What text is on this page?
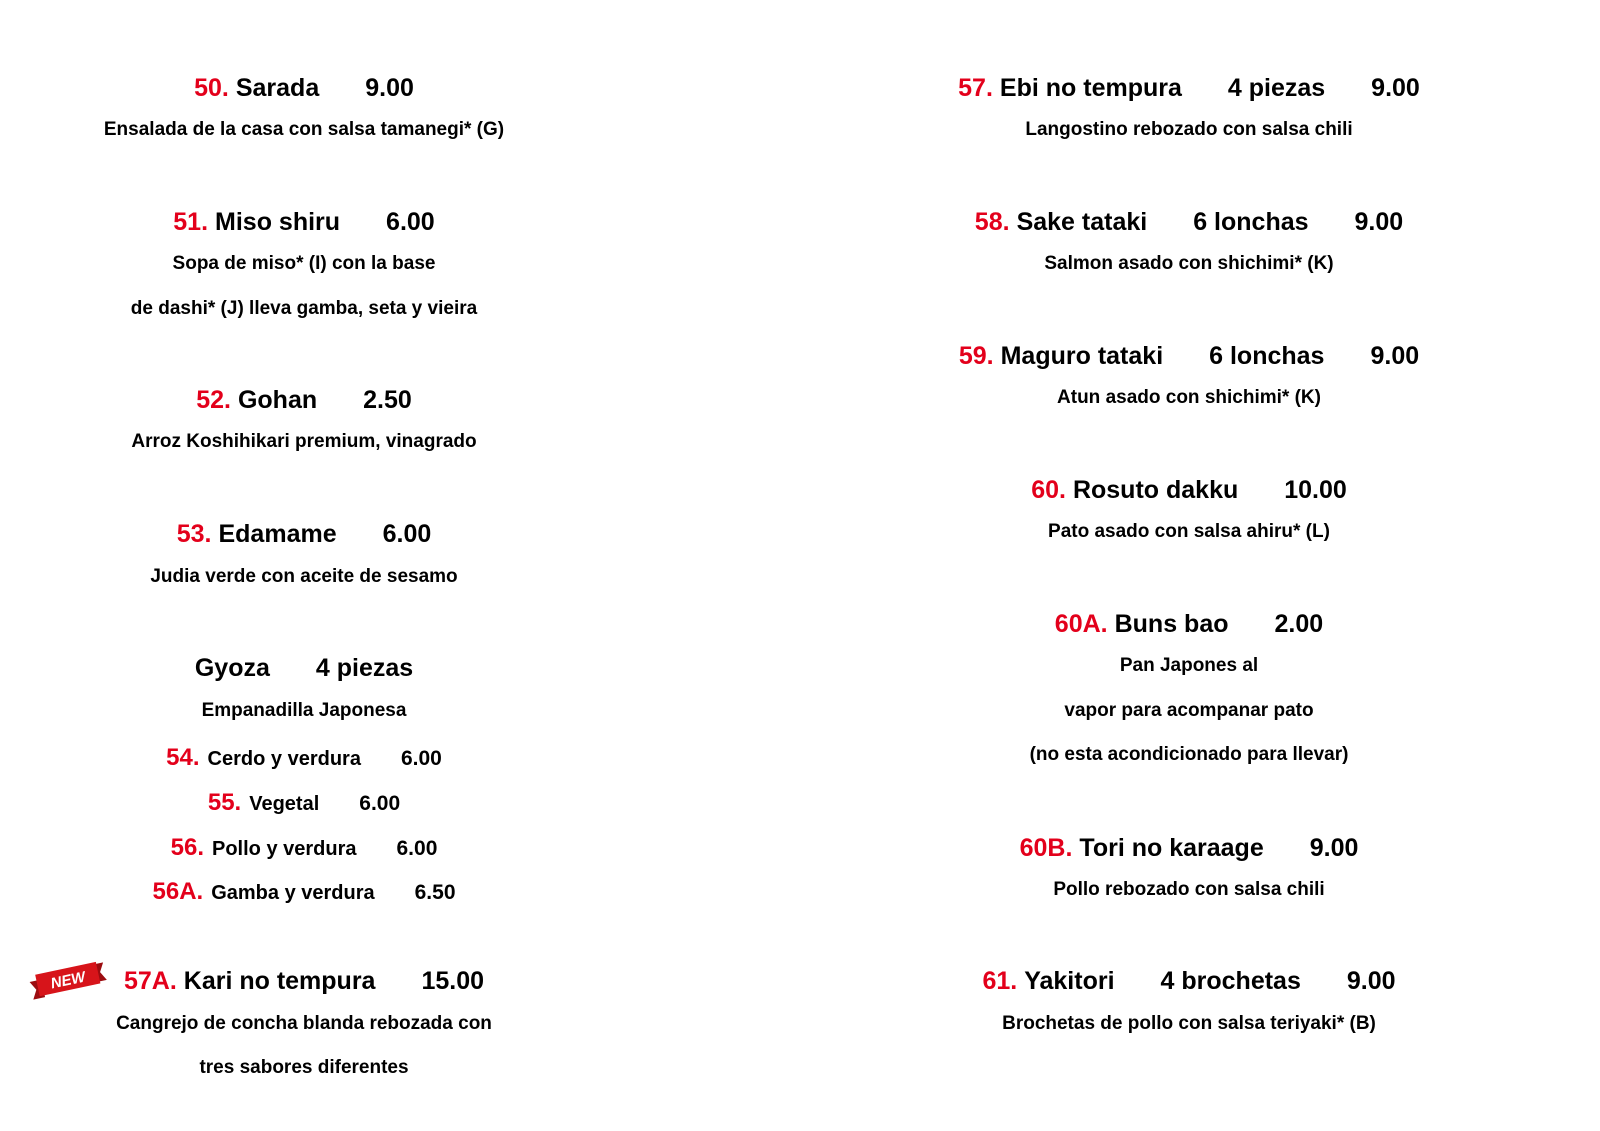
NEW
50. Sarada 9.00
Ensalada de la casa con salsa tamanegi* (G)
51. Miso shiru 6.00
Sopa de miso* (I) con la base
de dashi* (J) lleva gamba, seta y vieira
52. Gohan 2.50
Arroz Koshihikari premium, vinagrado
53. Edamame 6.00
Judia verde con aceite de sesamo
Gyoza 4 piezas
Empanadilla Japonesa
54. Cerdo y verdura 6.00
55. Vegetal 6.00
56. Pollo y verdura 6.00
56A. Gamba y verdura 6.50
57A. Kari no tempura 15.00
Cangrejo de concha blanda rebozada con
tres sabores diferentes
57. Ebi no tempura 4 piezas 9.00
Langostino rebozado con salsa chili
58. Sake tataki 6 lonchas 9.00
Salmon asado con shichimi* (K)
59. Maguro tataki 6 lonchas 9.00
Atun asado con shichimi* (K)
60. Rosuto dakku 10.00
Pato asado con salsa ahiru* (L)
60A. Buns bao 2.00
Pan Japones al
vapor para acompanar pato
(no esta acondicionado para llevar)
60B. Tori no karaage 9.00
Pollo rebozado con salsa chili
61. Yakitori 4 brochetas 9.00
Brochetas de pollo con salsa teriyaki* (B)
